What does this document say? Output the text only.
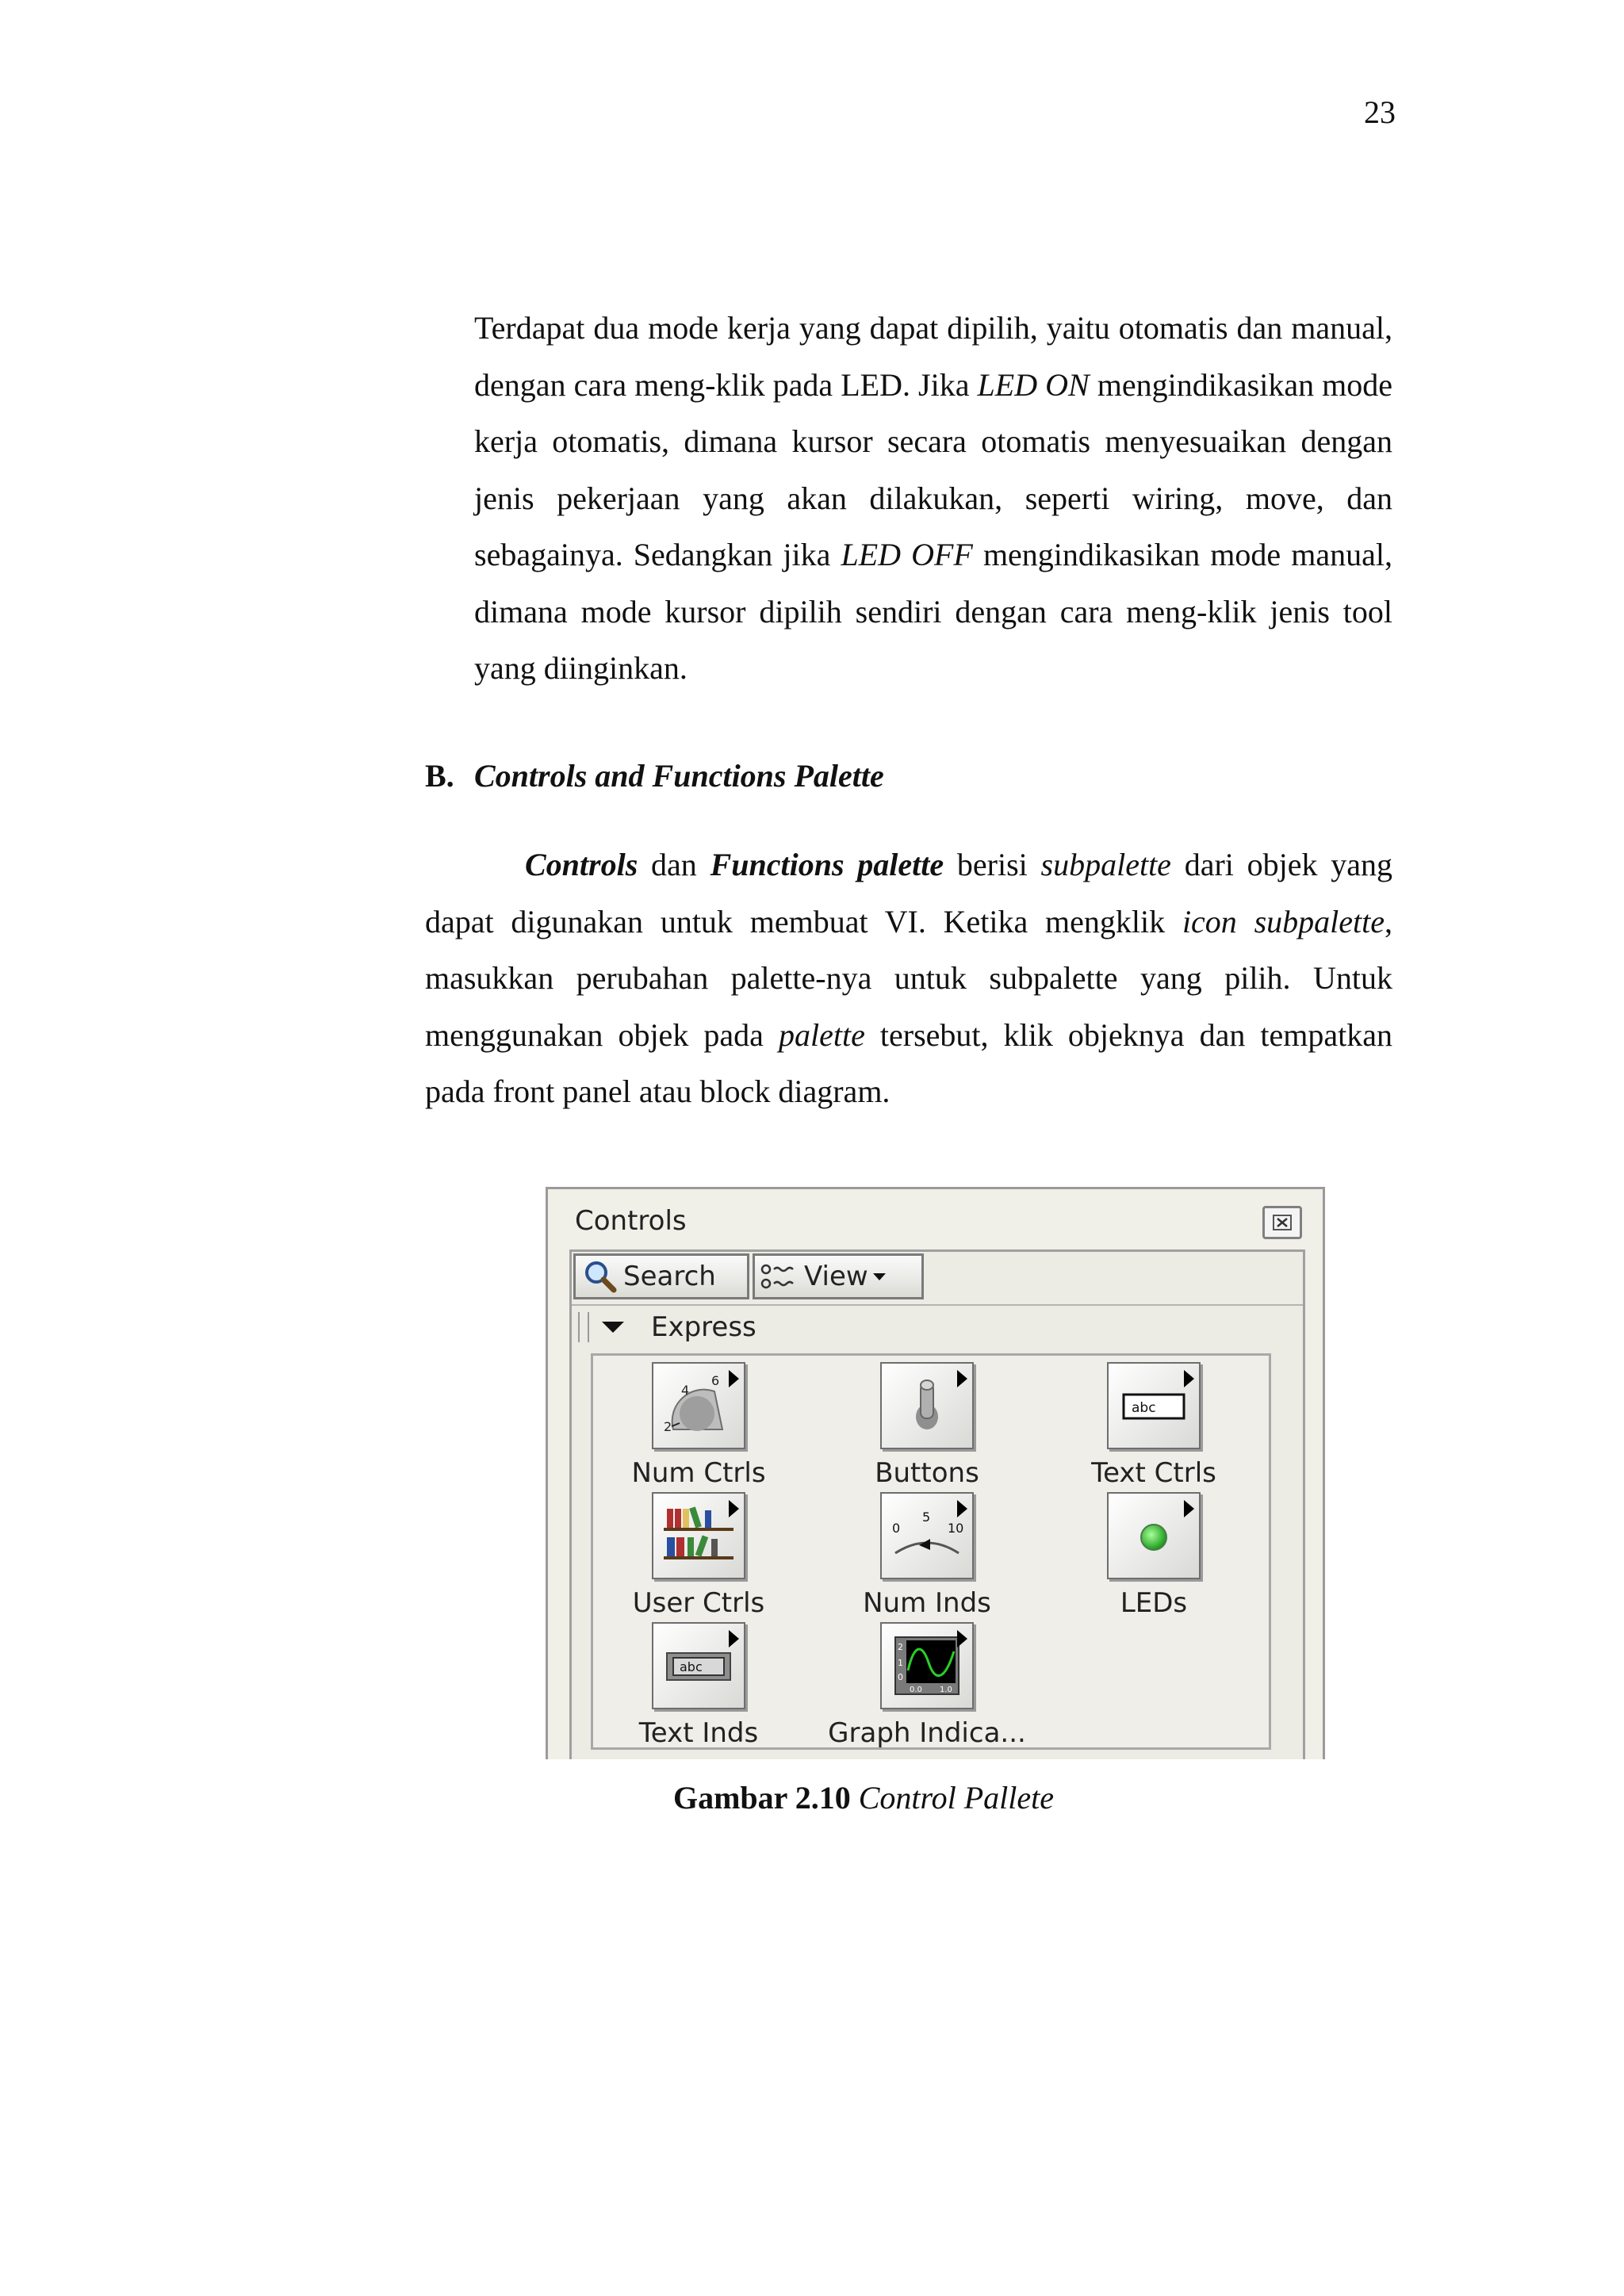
23

Terdapat dua mode kerja yang dapat dipilih, yaitu otomatis dan manual, dengan cara meng-klik pada LED. Jika LED ON mengindikasikan mode kerja otomatis, dimana kursor secara otomatis menyesuaikan dengan jenis pekerjaan yang akan dilakukan, seperti wiring, move, dan sebagainya. Sedangkan jika LED OFF mengindikasikan mode manual, dimana mode kursor dipilih sendiri dengan cara meng-klik jenis tool yang diinginkan.

B. Controls and Functions Palette

Controls dan Functions palette berisi subpalette dari objek yang dapat digunakan untuk membuat VI. Ketika mengklik icon subpalette, masukkan perubahan palette-nya untuk subpalette yang pilih. Untuk menggunakan objek pada palette tersebut, klik objeknya dan tempatkan pada front panel atau block diagram.

Controls
Search	View
Express
2
4
6
Num Ctrls	Buttons
abc
Text Ctrls
User Ctrls
0
5
10
Num Inds	LEDs
abc
Text Inds
2
1
0
0.0 1.0
Graph Indica...
Gambar 2.10 Control Pallete
